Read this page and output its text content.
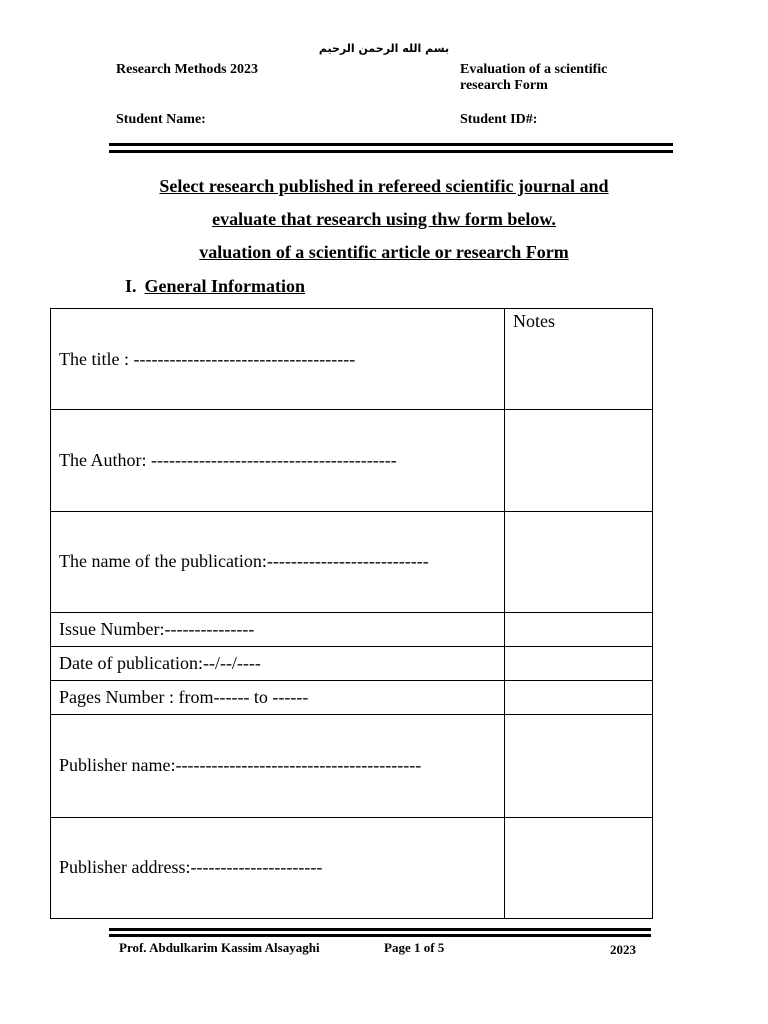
بسم الله الرحمن الرحيم
Research Methods 2023	Evaluation of a scientific
research Form
Student Name:	Student ID#:
Select research published in refereed scientific journal and
evaluate that research using thw form below.
valuation of a scientific article or research Form
I. General Information
The title : -------------------------------------	Notes
The Author: -----------------------------------------	
The name of the publication:---------------------------	
Issue Number:---------------	
Date of publication:--/--/----	
Pages Number : from------ to ------	
Publisher name:-----------------------------------------	
Publisher address:----------------------	
Prof. Abdulkarim Kassim Alsayaghi	Page 1 of 5	2023
